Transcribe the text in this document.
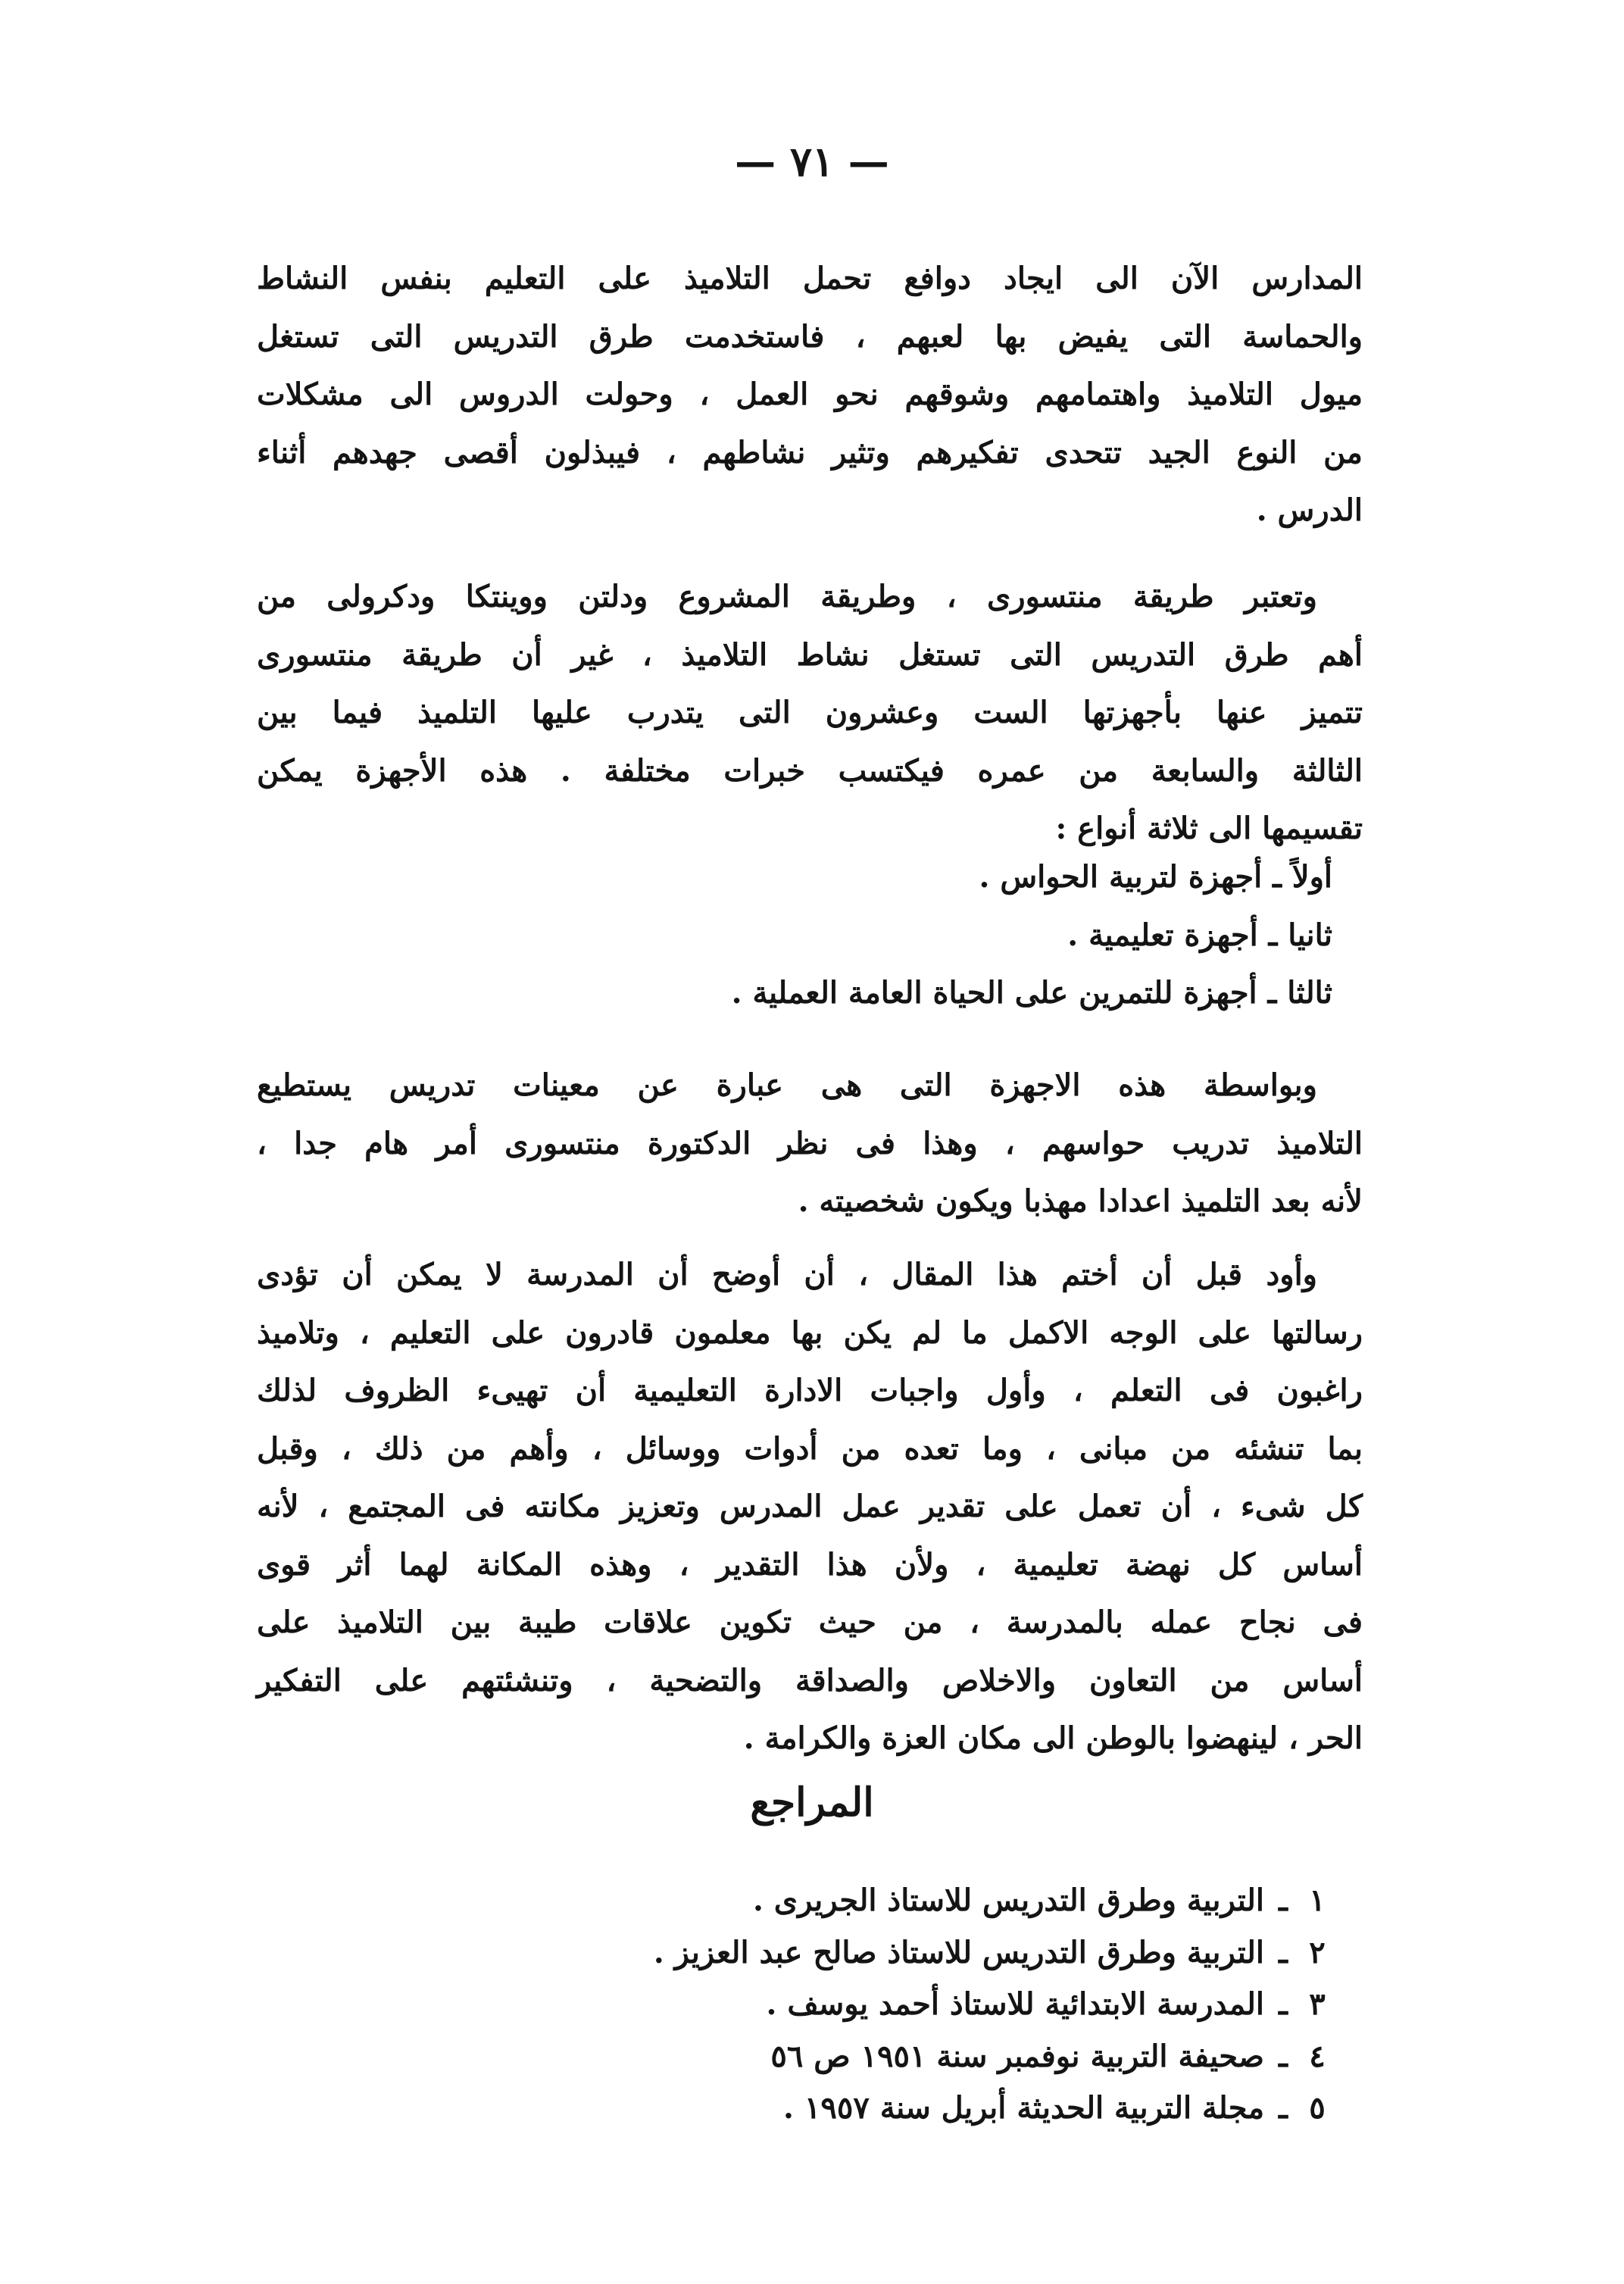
— ٧١ —
المدارس الآن الى ايجاد دوافع تحمل التلاميذ على التعليم بنفس النشاط
والحماسة التى يفيض بها لعبهم ، فاستخدمت طرق التدريس التى تستغل
ميول التلاميذ واهتمامهم وشوقهم نحو العمل ، وحولت الدروس الى مشكلات
من النوع الجيد تتحدى تفكيرهم وتثير نشاطهم ، فيبذلون أقصى جهدهم أثناء
الدرس .
وتعتبر طريقة منتسورى ، وطريقة المشروع ودلتن ووينتكا ودكرولى من
أهم طرق التدريس التى تستغل نشاط التلاميذ ، غير أن طريقة منتسورى
تتميز عنها بأجهزتها الست وعشرون التى يتدرب عليها التلميذ فيما بين
الثالثة والسابعة من عمره فيكتسب خبرات مختلفة . هذه الأجهزة يمكن
تقسيمها الى ثلاثة أنواع :
أولاً ـ أجهزة لتربية الحواس .
ثانيا ـ أجهزة تعليمية .
ثالثا ـ أجهزة للتمرين على الحياة العامة العملية .
وبواسطة هذه الاجهزة التى هى عبارة عن معينات تدريس يستطيع
التلاميذ تدريب حواسهم ، وهذا فى نظر الدكتورة منتسورى أمر هام جدا ،
لأنه بعد التلميذ اعدادا مهذبا ويكون شخصيته .
وأود قبل أن أختم هذا المقال ، أن أوضح أن المدرسة لا يمكن أن تؤدى
رسالتها على الوجه الاكمل ما لم يكن بها معلمون قادرون على التعليم ، وتلاميذ
راغبون فى التعلم ، وأول واجبات الادارة التعليمية أن تهيىء الظروف لذلك
بما تنشئه من مبانى ، وما تعده من أدوات ووسائل ، وأهم من ذلك ، وقبل
كل شىء ، أن تعمل على تقدير عمل المدرس وتعزيز مكانته فى المجتمع ، لأنه
أساس كل نهضة تعليمية ، ولأن هذا التقدير ، وهذه المكانة لهما أثر قوى
فى نجاح عمله بالمدرسة ، من حيث تكوين علاقات طيبة بين التلاميذ على
أساس من التعاون والاخلاص والصداقة والتضحية ، وتنشئتهم على التفكير
الحر ، لينهضوا بالوطن الى مكان العزة والكرامة .
المراجع
١ـالتربية وطرق التدريس للاستاذ الجريرى .
٢ـالتربية وطرق التدريس للاستاذ صالح عبد العزيز .
٣ـالمدرسة الابتدائية للاستاذ أحمد يوسف .
٤ـصحيفة التربية نوفمبر سنة ١٩٥١ ص ٥٦
٥ـمجلة التربية الحديثة أبريل سنة ١٩٥٧ .
